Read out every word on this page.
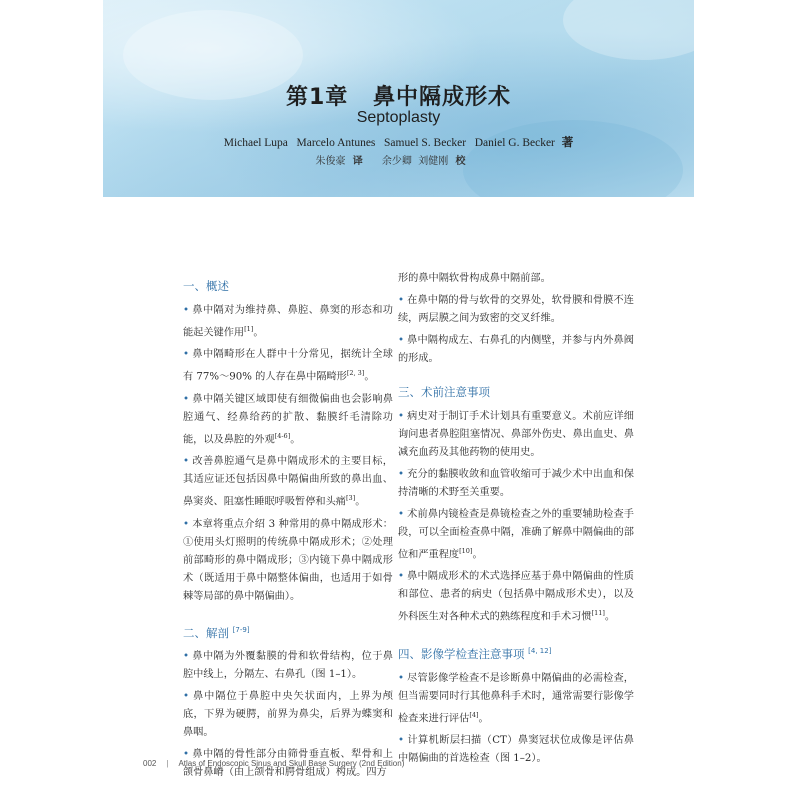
第1章 鼻中隔成形术
Septoplasty
Michael Lupa   Marcelo Antunes   Samuel S. Becker   Daniel G. Becker 著
朱俊豪 译 余少卿  刘健刚 校
一、概述

• 鼻中隔对为维持鼻、鼻腔、鼻窦的形态和功能起关键作用[1]。

• 鼻中隔畸形在人群中十分常见，据统计全球有 77%～90% 的人存在鼻中隔畸形[2, 3]。

• 鼻中隔关键区域即使有细微偏曲也会影响鼻腔通气、经鼻给药的扩散、黏膜纤毛清除功能，以及鼻腔的外观[4-6]。

• 改善鼻腔通气是鼻中隔成形术的主要目标，其适应证还包括因鼻中隔偏曲所致的鼻出血、鼻窦炎、阻塞性睡眠呼吸暂停和头痛[3]。

• 本章将重点介绍 3 种常用的鼻中隔成形术：①使用头灯照明的传统鼻中隔成形术；②处理前部畸形的鼻中隔成形；③内镜下鼻中隔成形术（既适用于鼻中隔整体偏曲，也适用于如骨棘等局部的鼻中隔偏曲）。

二、解剖 [7-9]

• 鼻中隔为外覆黏膜的骨和软骨结构，位于鼻腔中线上，分隔左、右鼻孔（图 1–1）。

• 鼻中隔位于鼻腔中央矢状面内，上界为颅底，下界为硬腭，前界为鼻尖，后界为蝶窦和鼻咽。

• 鼻中隔的骨性部分由筛骨垂直板、犁骨和上颌骨鼻嵴（由上颌骨和腭骨组成）构成。四方

形的鼻中隔软骨构成鼻中隔前部。

• 在鼻中隔的骨与软骨的交界处，软骨膜和骨膜不连续，两层膜之间为致密的交叉纤维。

• 鼻中隔构成左、右鼻孔的内侧壁，并参与内外鼻阀的形成。

三、术前注意事项

• 病史对于制订手术计划具有重要意义。术前应详细询问患者鼻腔阻塞情况、鼻部外伤史、鼻出血史、鼻减充血药及其他药物的使用史。

• 充分的黏膜收敛和血管收缩可于减少术中出血和保持清晰的术野至关重要。

• 术前鼻内镜检查是鼻镜检查之外的重要辅助检查手段，可以全面检查鼻中隔，准确了解鼻中隔偏曲的部位和严重程度[10]。

• 鼻中隔成形术的术式选择应基于鼻中隔偏曲的性质和部位、患者的病史（包括鼻中隔成形术史），以及外科医生对各种术式的熟练程度和手术习惯[11]。

四、影像学检查注意事项 [4, 12]

• 尽管影像学检查不是诊断鼻中隔偏曲的必需检查，但当需要同时行其他鼻科手术时，通常需要行影像学检查来进行评估[4]。

• 计算机断层扫描（CT）鼻窦冠状位成像是评估鼻中隔偏曲的首选检查（图 1–2）。

002 | Atlas of Endoscopic Sinus and Skull Base Surgery (2nd Edition)
